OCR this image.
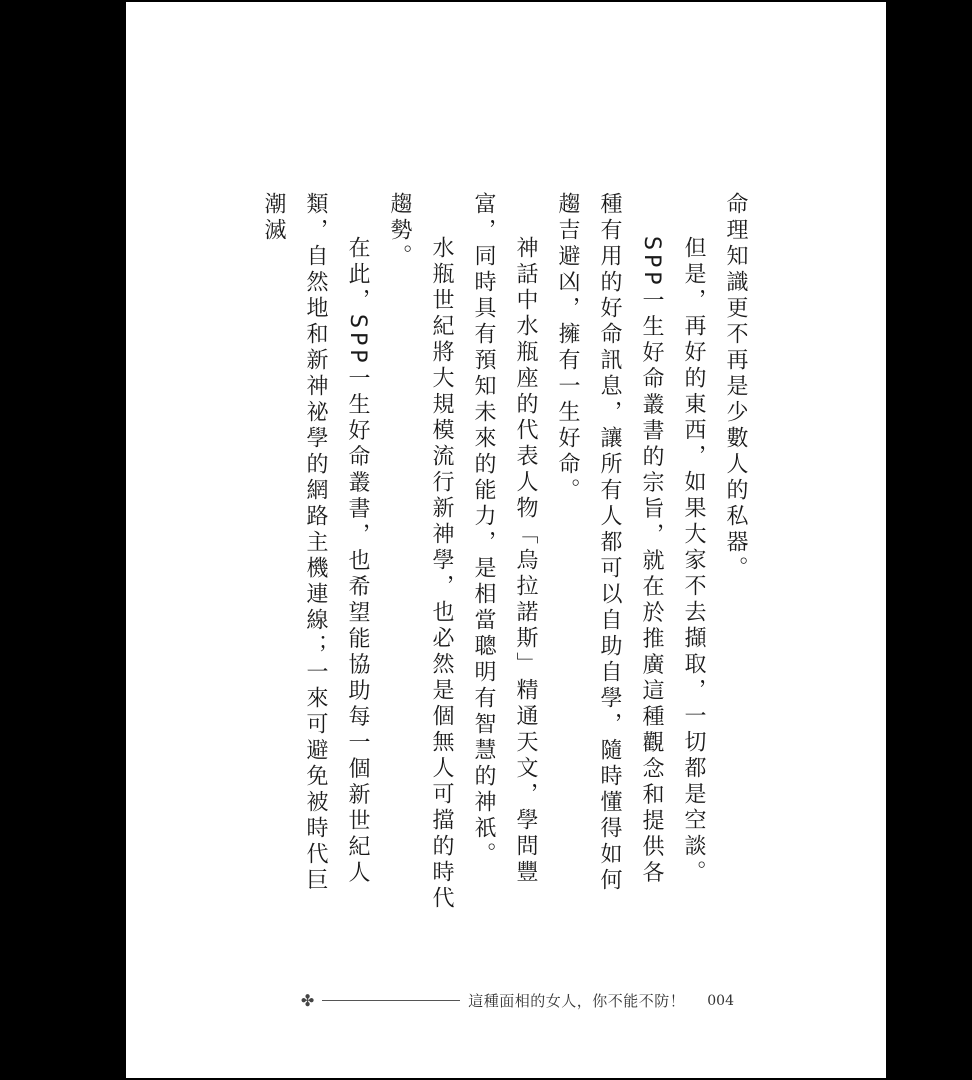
命理知識更不再是少數人的私器。

但是，再好的東西，如果大家不去擷取，一切都是空談。

SPP一生好命叢書的宗旨，就在於推廣這種觀念和提供各種有用的好命訊息，讓所有人都可以自助自學，隨時懂得如何趨吉避凶，擁有一生好命。

神話中水瓶座的代表人物「烏拉諾斯」精通天文，學問豐富，同時具有預知未來的能力，是相當聰明有智慧的神祇。

水瓶世紀將大規模流行新神學，也必然是個無人可擋的時代趨勢。

在此，SPP一生好命叢書，也希望能協助每一個新世紀人類，自然地和新神祕學的網路主機連線；一來可避免被時代巨潮滅

✤	這種面相的女人，你不能不防！ 004
